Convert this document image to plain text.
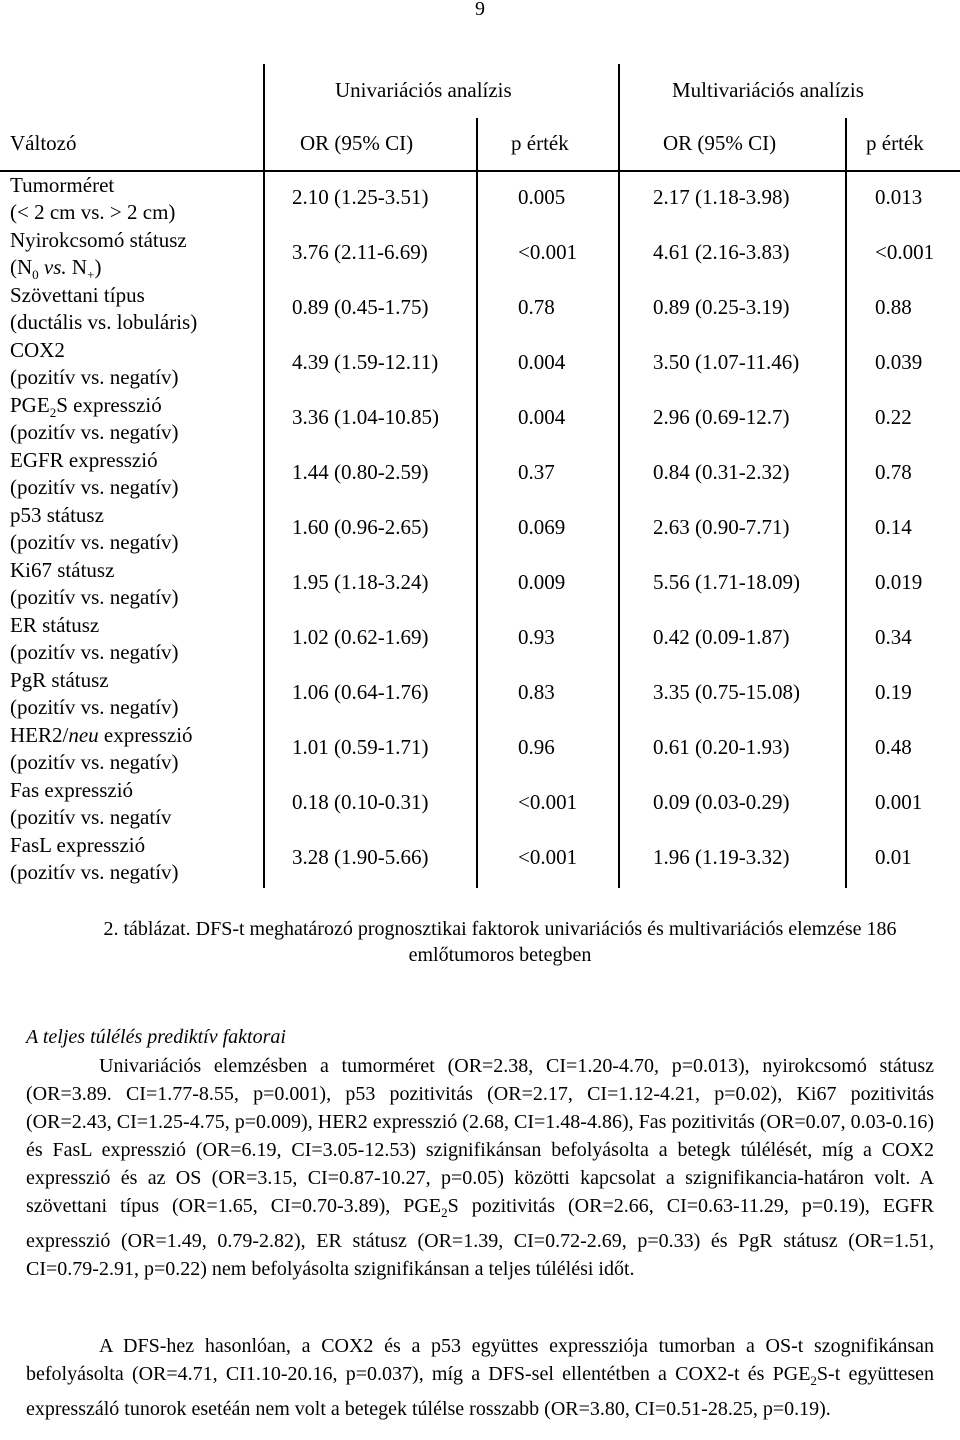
9
Univariációs analízis	Multivariációs analízis
Változó	OR (95% CI)	p érték	OR (95% CI)	p érték
Tumorméret
(< 2 cm vs. > 2 cm)
2.10 (1.25-3.51)	0.005	2.17 (1.18-3.98)	0.013
Nyirokcsomó státusz
($N_0$ vs. $N_+$)
3.76 (2.11-6.69)	<0.001	4.61 (2.16-3.83)	<0.001
Szövettani típus
(ductális vs. lobuláris)
0.89 (0.45-1.75)	0.78	0.89 (0.25-3.19)	0.88
COX2
(pozitív vs. negatív)
4.39 (1.59-12.11)	0.004	3.50 (1.07-11.46)	0.039
$PGE_2S$ expresszió
(pozitív vs. negatív)
3.36 (1.04-10.85)	0.004	2.96 (0.69-12.7)	0.22
EGFR expresszió
(pozitív vs. negatív)
1.44 (0.80-2.59)	0.37	0.84 (0.31-2.32)	0.78
p53 státusz
(pozitív vs. negatív)
1.60 (0.96-2.65)	0.069	2.63 (0.90-7.71)	0.14
Ki67 státusz
(pozitív vs. negatív)
1.95 (1.18-3.24)	0.009	5.56 (1.71-18.09)	0.019
ER státusz
(pozitív vs. negatív)
1.02 (0.62-1.69)	0.93	0.42 (0.09-1.87)	0.34
PgR státusz
(pozitív vs. negatív)
1.06 (0.64-1.76)	0.83	3.35 (0.75-15.08)	0.19
HER2/neu expresszió
(pozitív vs. negatív)
1.01 (0.59-1.71)	0.96	0.61 (0.20-1.93)	0.48
Fas expresszió
(pozitív vs. negatív
0.18 (0.10-0.31)	<0.001	0.09 (0.03-0.29)	0.001
FasL expresszió
(pozitív vs. negatív)
3.28 (1.90-5.66)	<0.001	1.96 (1.19-3.32)	0.01
2. táblázat. DFS-t meghatározó prognosztikai faktorok univariációs és multivariációs elemzése 186 emlőtumoros betegben
A teljes túlélés prediktív faktorai
Univariációs elemzésben a tumorméret (OR=2.38, CI=1.20-4.70, p=0.013), nyirokcsomó státusz (OR=3.89. CI=1.77-8.55, p=0.001), p53 pozitivitás (OR=2.17, CI=1.12-4.21, p=0.02), Ki67 pozitivitás (OR=2.43, CI=1.25-4.75, p=0.009), HER2 expresszió (2.68, CI=1.48-4.86), Fas pozitivitás (OR=0.07, 0.03-0.16) és FasL expresszió (OR=6.19, CI=3.05-12.53) szignifikánsan befolyásolta a betegk túlélését, míg a COX2 expresszió és az OS (OR=3.15, CI=0.87-10.27, p=0.05) közötti kapcsolat a szignifikancia-határon volt. A szövettani típus (OR=1.65, CI=0.70-3.89), $PGE_2S$ pozitivitás (OR=2.66, CI=0.63-11.29, p=0.19), EGFR expresszió (OR=1.49, 0.79-2.82), ER státusz (OR=1.39, CI=0.72-2.69, p=0.33) és PgR státusz (OR=1.51, CI=0.79-2.91, p=0.22) nem befolyásolta szignifikánsan a teljes túlélési időt.
A DFS-hez hasonlóan, a COX2 és a p53 együttes expressziója tumorban a OS-t szognifikánsan befolyásolta (OR=4.71, CI1.10-20.16, p=0.037), míg a DFS-sel ellentétben a COX2-t és $PGE_2S-t$ együttesen expresszáló tunorok esetéán nem volt a betegek túlélse rosszabb (OR=3.80, CI=0.51-28.25, p=0.19).
